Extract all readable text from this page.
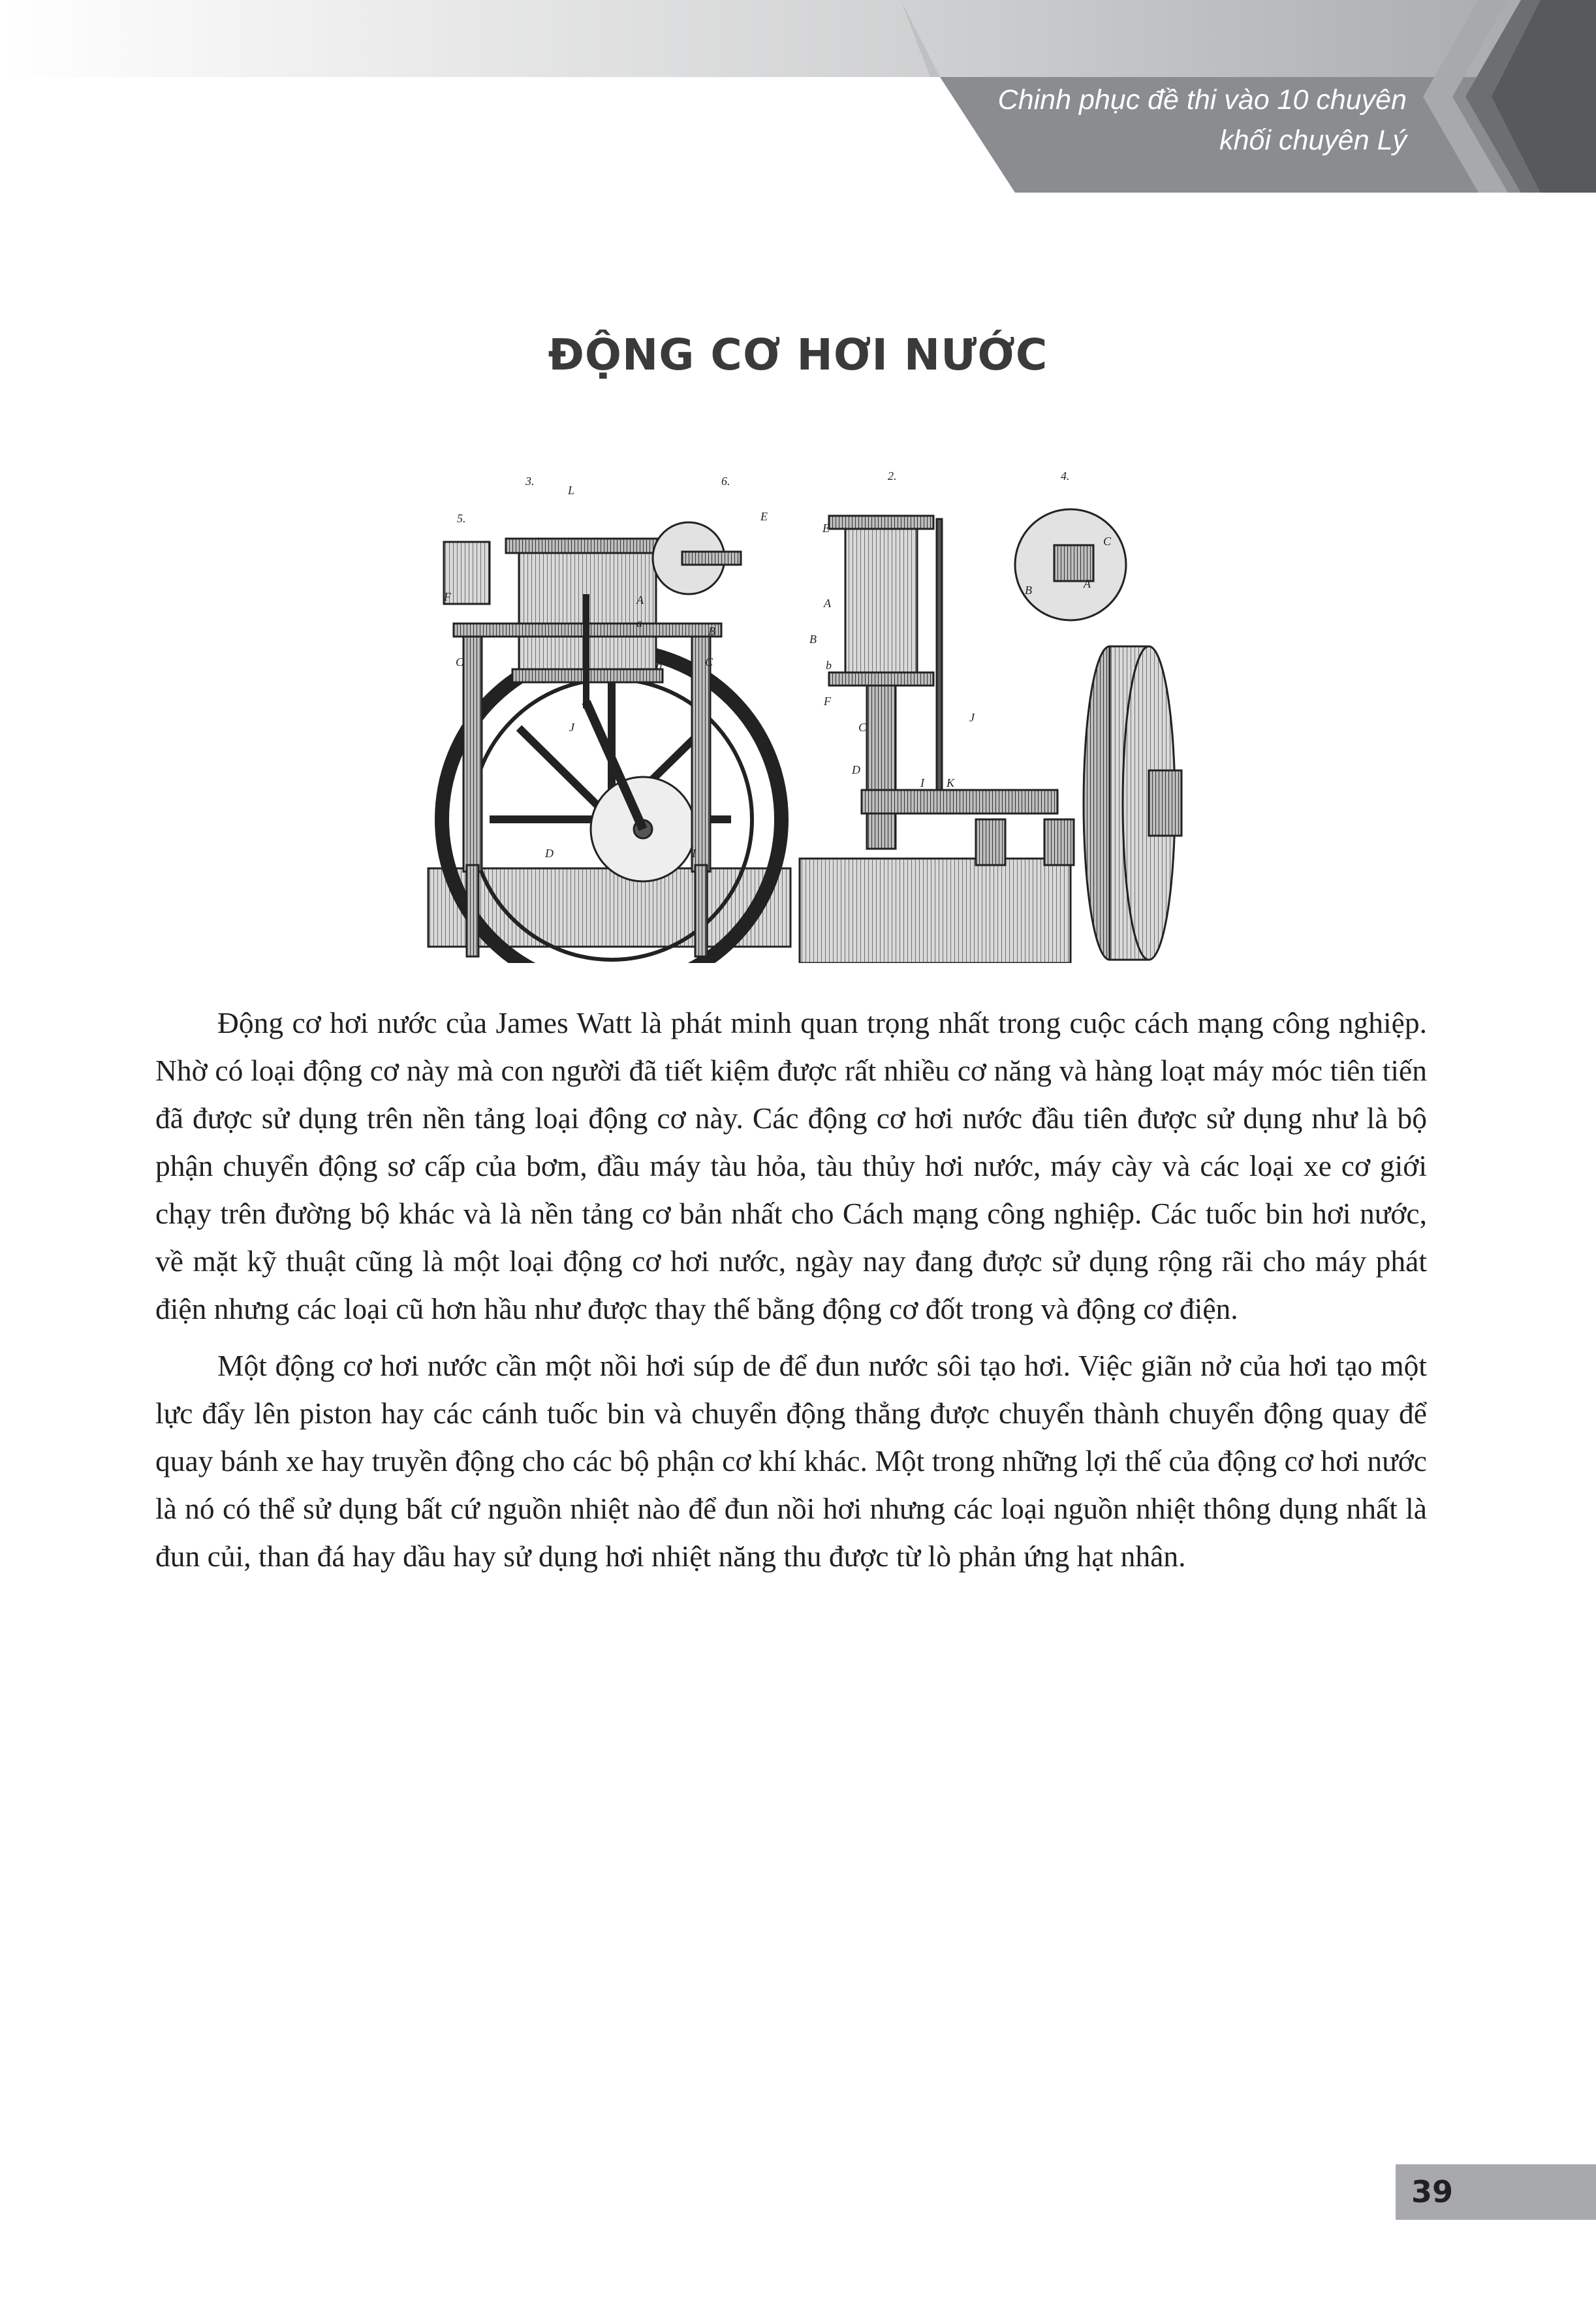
Chinh phục đề thi vào 10 chuyên
khối chuyên Lý
ĐỘNG CƠ HƠI NƯỚC
3.	6.	2.	4.
5.
L
E
E
F	A
a
B
C	C
b
J
D	I
A
B
b
F
C
D
I K
J
C
B	A

Động cơ hơi nước của James Watt là phát minh quan trọng nhất trong cuộc cách mạng công nghiệp. Nhờ có loại động cơ này mà con người đã tiết kiệm được rất nhiều cơ năng và hàng loạt máy móc tiên tiến đã được sử dụng trên nền tảng loại động cơ này. Các động cơ hơi nước đầu tiên được sử dụng như là bộ phận chuyển động sơ cấp của bơm, đầu máy tàu hỏa, tàu thủy hơi nước, máy cày và các loại xe cơ giới chạy trên đường bộ khác và là nền tảng cơ bản nhất cho Cách mạng công nghiệp. Các tuốc bin hơi nước, về mặt kỹ thuật cũng là một loại động cơ hơi nước, ngày nay đang được sử dụng rộng rãi cho máy phát điện nhưng các loại cũ hơn hầu như được thay thế bằng động cơ đốt trong và động cơ điện.

Một động cơ hơi nước cần một nồi hơi súp de để đun nước sôi tạo hơi. Việc giãn nở của hơi tạo một lực đẩy lên piston hay các cánh tuốc bin và chuyển động thẳng được chuyển thành chuyển động quay để quay bánh xe hay truyền động cho các bộ phận cơ khí khác. Một trong những lợi thế của động cơ hơi nước là nó có thể sử dụng bất cứ nguồn nhiệt nào để đun nồi hơi nhưng các loại nguồn nhiệt thông dụng nhất là đun củi, than đá hay dầu hay sử dụng hơi nhiệt năng thu được từ lò phản ứng hạt nhân.

39
